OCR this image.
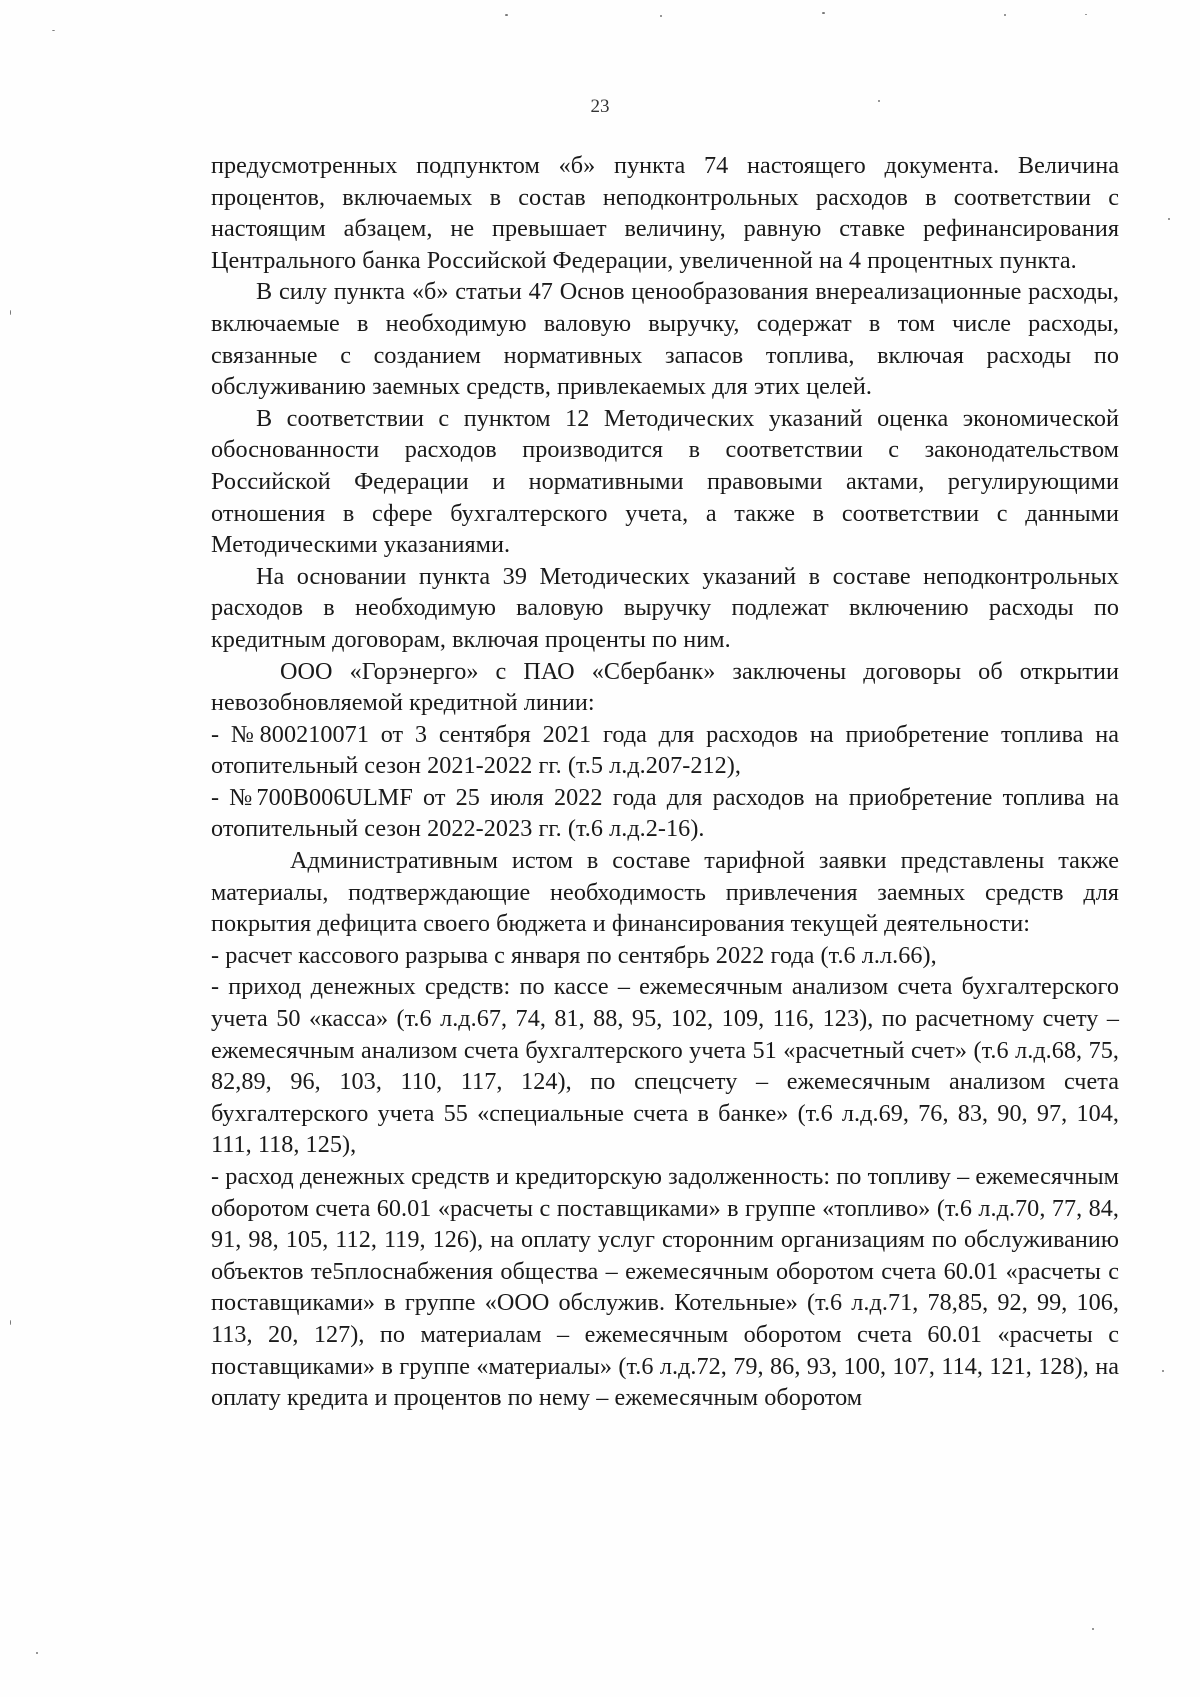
23

предусмотренных подпунктом «б» пункта 74 настоящего документа. Величина процентов, включаемых в состав неподконтрольных расходов в соответствии с настоящим абзацем, не превышает величину, равную ставке рефинансирования Центрального банка Российской Федерации, увеличенной на 4 процентных пункта.

В силу пункта «б» статьи 47 Основ ценообразования внереализационные расходы, включаемые в необходимую валовую выручку, содержат в том числе расходы, связанные с созданием нормативных запасов топлива, включая расходы по обслуживанию заемных средств, привлекаемых для этих целей.

В соответствии с пунктом 12 Методических указаний оценка экономической обоснованности расходов производится в соответствии с законодательством Российской Федерации и нормативными правовыми актами, регулирующими отношения в сфере бухгалтерского учета, а также в соответствии с данными Методическими указаниями.

На основании пункта 39 Методических указаний в составе неподконтрольных расходов в необходимую валовую выручку подлежат включению расходы по кредитным договорам, включая проценты по ним.

ООО «Горэнерго» с ПАО «Сбербанк» заключены договоры об открытии невозобновляемой кредитной линии:

- №800210071 от 3 сентября 2021 года для расходов на приобретение топлива на отопительный сезон 2021-2022 гг. (т.5 л.д.207-212),

- №700B006ULMF от 25 июля 2022 года для расходов на приобретение топлива на отопительный сезон 2022-2023 гг. (т.6 л.д.2-16).

Административным истом в составе тарифной заявки представлены также материалы, подтверждающие необходимость привлечения заемных средств для покрытия дефицита своего бюджета и финансирования текущей деятельности:

- расчет кассового разрыва с января по сентябрь 2022 года (т.6 л.л.66),

- приход денежных средств: по кассе – ежемесячным анализом счета бухгалтерского учета 50 «касса» (т.6 л.д.67, 74, 81, 88, 95, 102, 109, 116, 123), по расчетному счету – ежемесячным анализом счета бухгалтерского учета 51 «расчетный счет» (т.6 л.д.68, 75, 82,89, 96, 103, 110, 117, 124), по спецсчету – ежемесячным анализом счета бухгалтерского учета 55 «специальные счета в банке» (т.6 л.д.69, 76, 83, 90, 97, 104, 111, 118, 125),

- расход денежных средств и кредиторскую задолженность: по топливу – ежемесячным оборотом счета 60.01 «расчеты с поставщиками» в группе «топливо» (т.6 л.д.70, 77, 84, 91, 98, 105, 112, 119, 126), на оплату услуг сторонним организациям по обслуживанию объектов те5плоснабжения общества – ежемесячным оборотом счета 60.01 «расчеты с поставщиками» в группе «ООО обслужив. Котельные» (т.6 л.д.71, 78,85, 92, 99, 106, 113, 20, 127), по материалам – ежемесячным оборотом счета 60.01 «расчеты с поставщиками» в группе «материалы» (т.6 л.д.72, 79, 86, 93, 100, 107, 114, 121, 128), на оплату кредита и процентов по нему – ежемесячным оборотом
